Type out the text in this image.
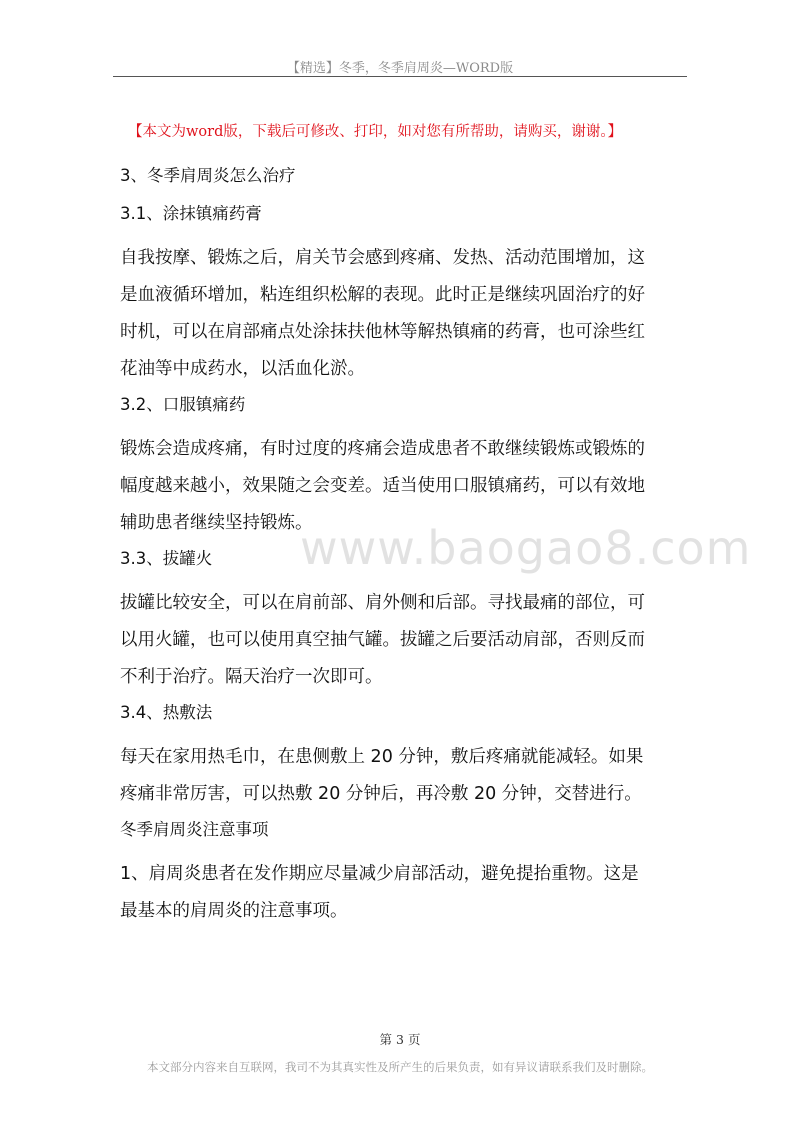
【精选】冬季，冬季肩周炎—WORD版
【本文为word版，下载后可修改、打印，如对您有所帮助，请购买，谢谢。】
www.baogao8.com
3、冬季肩周炎怎么治疗
3.1、涂抹镇痛药膏
自我按摩、锻炼之后，肩关节会感到疼痛、发热、活动范围增加，这
是血液循环增加，粘连组织松解的表现。此时正是继续巩固治疗的好
时机，可以在肩部痛点处涂抹扶他林等解热镇痛的药膏，也可涂些红
花油等中成药水，以活血化淤。
3.2、口服镇痛药
锻炼会造成疼痛，有时过度的疼痛会造成患者不敢继续锻炼或锻炼的
幅度越来越小，效果随之会变差。适当使用口服镇痛药，可以有效地
辅助患者继续坚持锻炼。
3.3、拔罐火
拔罐比较安全，可以在肩前部、肩外侧和后部。寻找最痛的部位，可
以用火罐，也可以使用真空抽气罐。拔罐之后要活动肩部，否则反而
不利于治疗。隔天治疗一次即可。
3.4、热敷法
每天在家用热毛巾，在患侧敷上 20 分钟，敷后疼痛就能减轻。如果
疼痛非常厉害，可以热敷 20 分钟后，再冷敷 20 分钟，交替进行。
冬季肩周炎注意事项
1、肩周炎患者在发作期应尽量减少肩部活动，避免提抬重物。这是
最基本的肩周炎的注意事项。
第 3 页
本文部分内容来自互联网，我司不为其真实性及所产生的后果负责，如有异议请联系我们及时删除。
